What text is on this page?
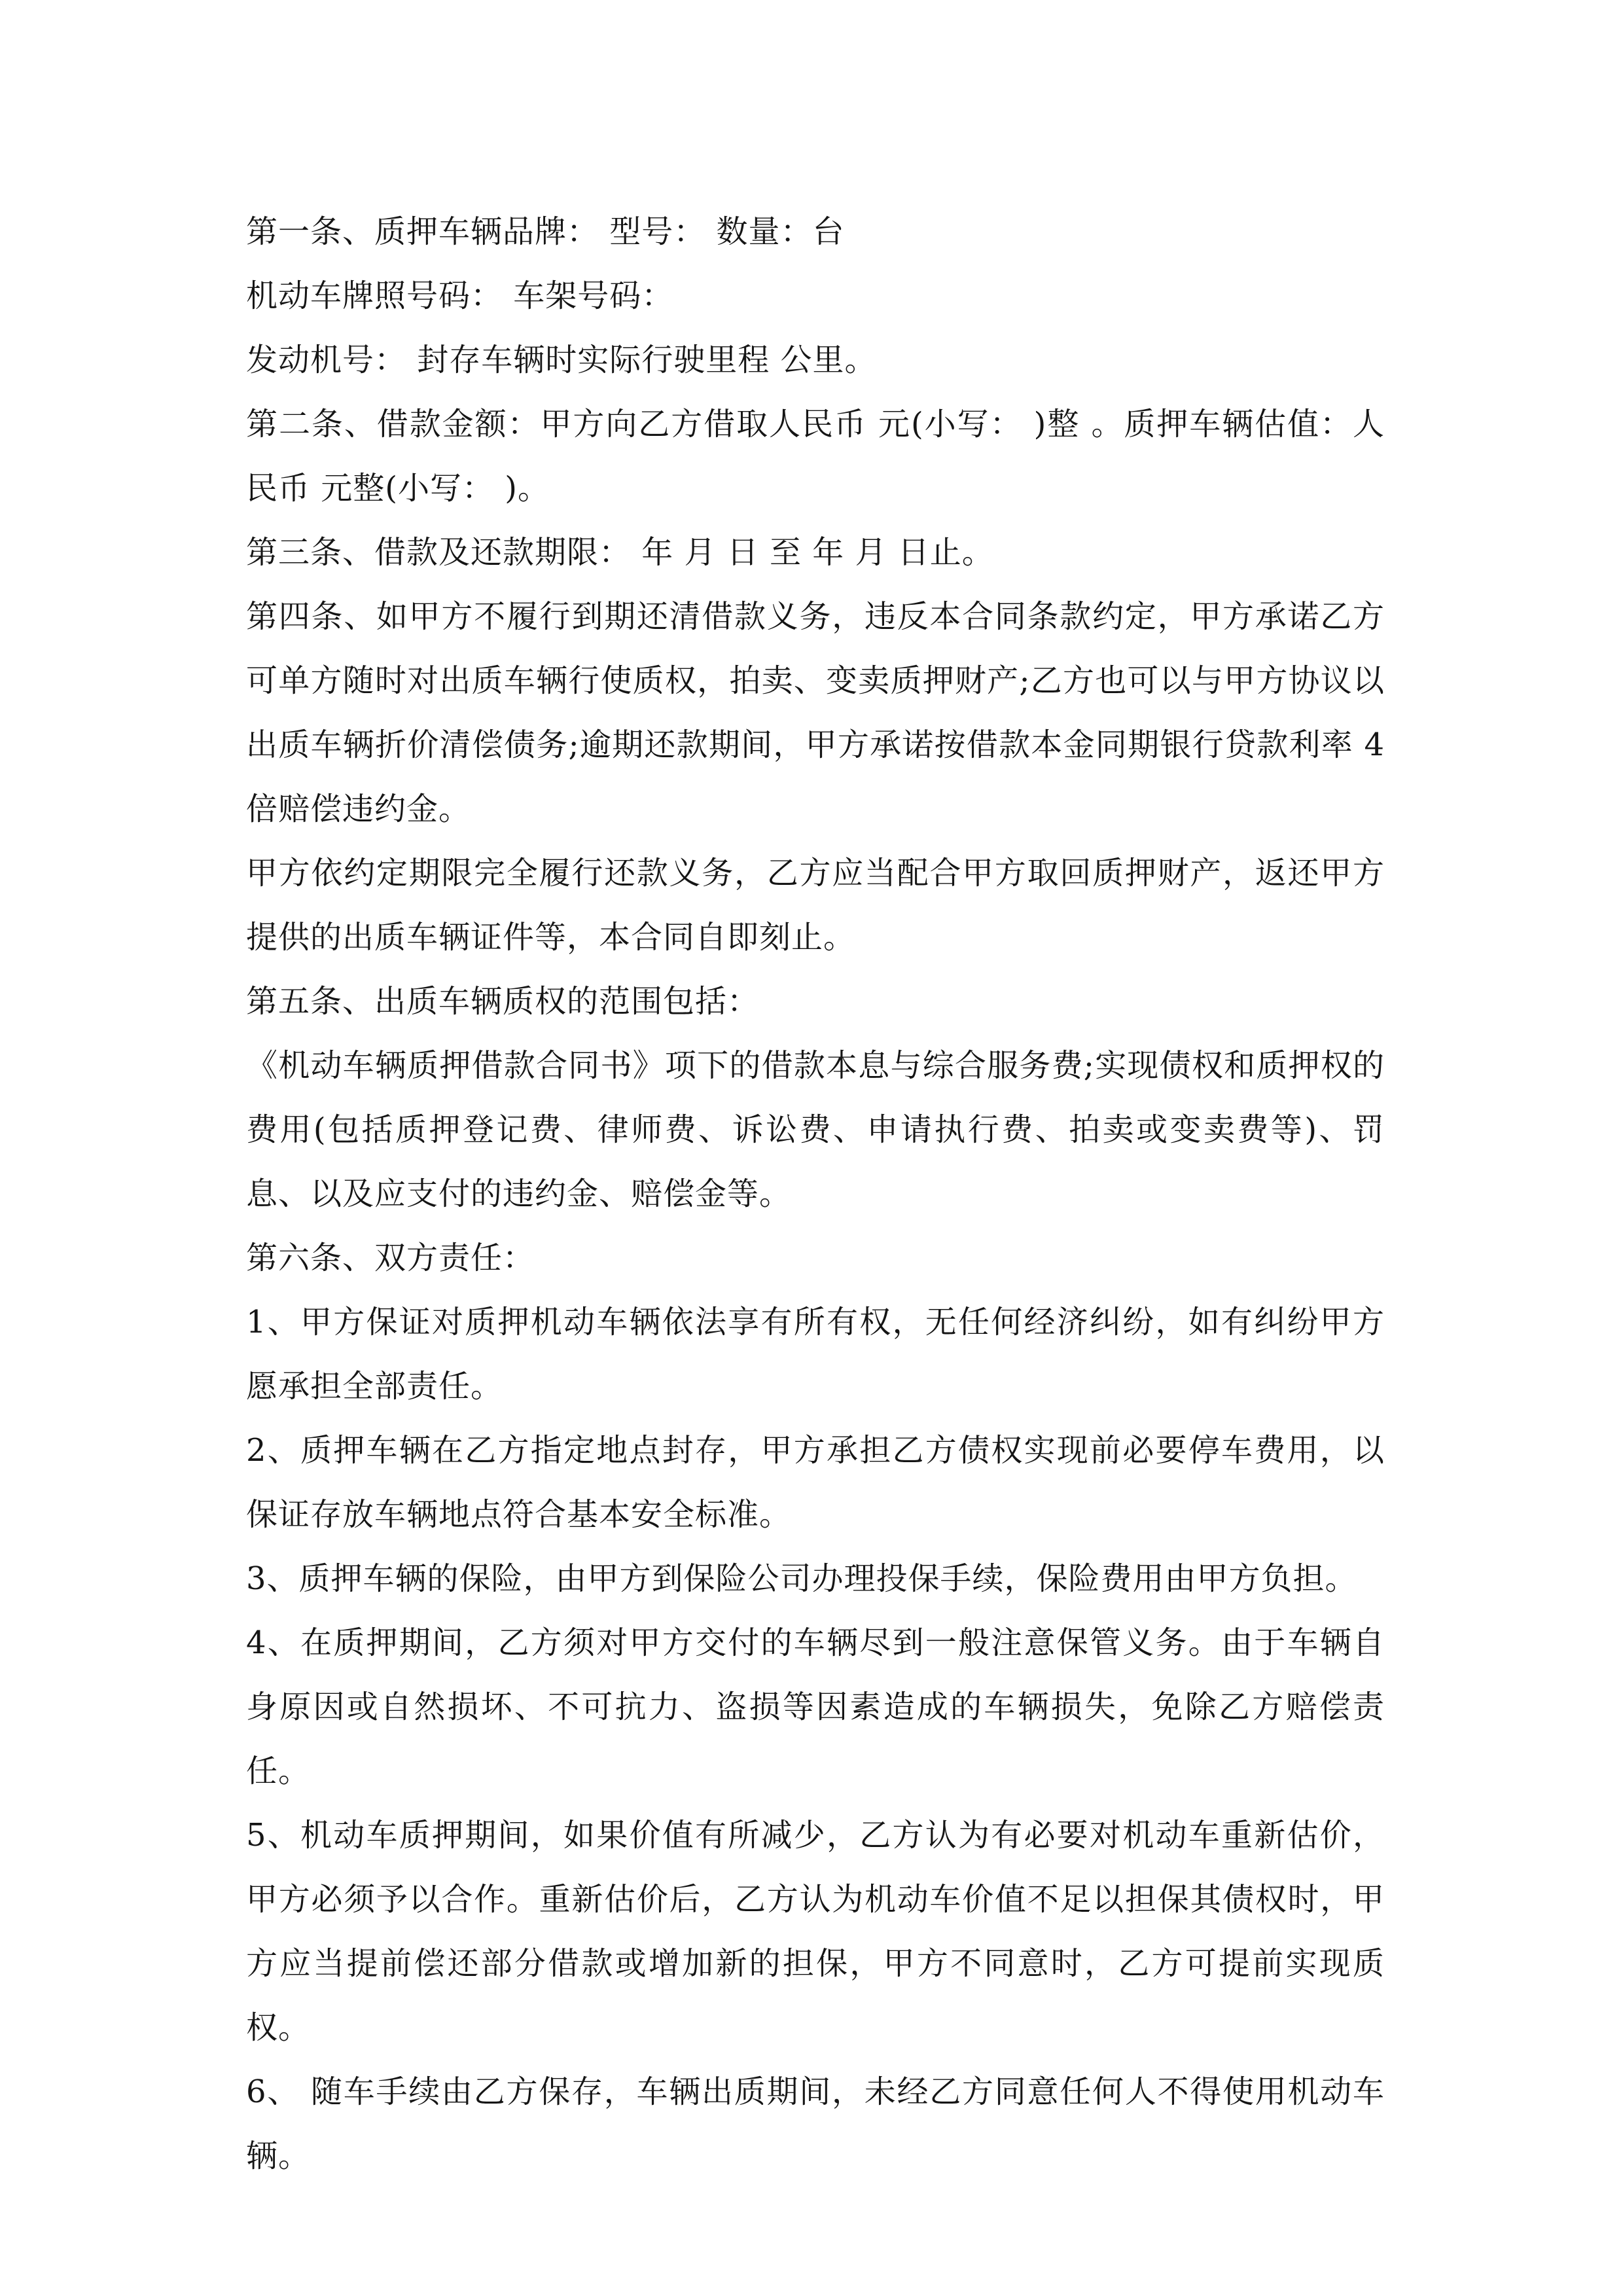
第一条、质押车辆品牌： 型号： 数量：台

机动车牌照号码： 车架号码：

发动机号： 封存车辆时实际行驶里程 公里。

第二条、借款金额：甲方向乙方借取人民币 元(小写： )整 。质押车辆估值：人民币 元整(小写： )。

第三条、借款及还款期限： 年 月 日 至 年 月 日止。

第四条、如甲方不履行到期还清借款义务，违反本合同条款约定，甲方承诺乙方可单方随时对出质车辆行使质权，拍卖、变卖质押财产;乙方也可以与甲方协议以出质车辆折价清偿债务;逾期还款期间，甲方承诺按借款本金同期银行贷款利率 4 倍赔偿违约金。

甲方依约定期限完全履行还款义务，乙方应当配合甲方取回质押财产，返还甲方提供的出质车辆证件等，本合同自即刻止。

第五条、出质车辆质权的范围包括：

《机动车辆质押借款合同书》项下的借款本息与综合服务费;实现债权和质押权的费用(包括质押登记费、律师费、诉讼费、申请执行费、拍卖或变卖费等)、罚息、以及应支付的违约金、赔偿金等。

第六条、双方责任：

1、甲方保证对质押机动车辆依法享有所有权，无任何经济纠纷，如有纠纷甲方愿承担全部责任。

2、质押车辆在乙方指定地点封存，甲方承担乙方债权实现前必要停车费用，以保证存放车辆地点符合基本安全标准。

3、质押车辆的保险，由甲方到保险公司办理投保手续，保险费用由甲方负担。

4、在质押期间，乙方须对甲方交付的车辆尽到一般注意保管义务。由于车辆自身原因或自然损坏、不可抗力、盗损等因素造成的车辆损失，免除乙方赔偿责任。

5、机动车质押期间，如果价值有所减少，乙方认为有必要对机动车重新估价，甲方必须予以合作。重新估价后，乙方认为机动车价值不足以担保其债权时，甲方应当提前偿还部分借款或增加新的担保，甲方不同意时，乙方可提前实现质权。

6、 随车手续由乙方保存，车辆出质期间，未经乙方同意任何人不得使用机动车辆。
